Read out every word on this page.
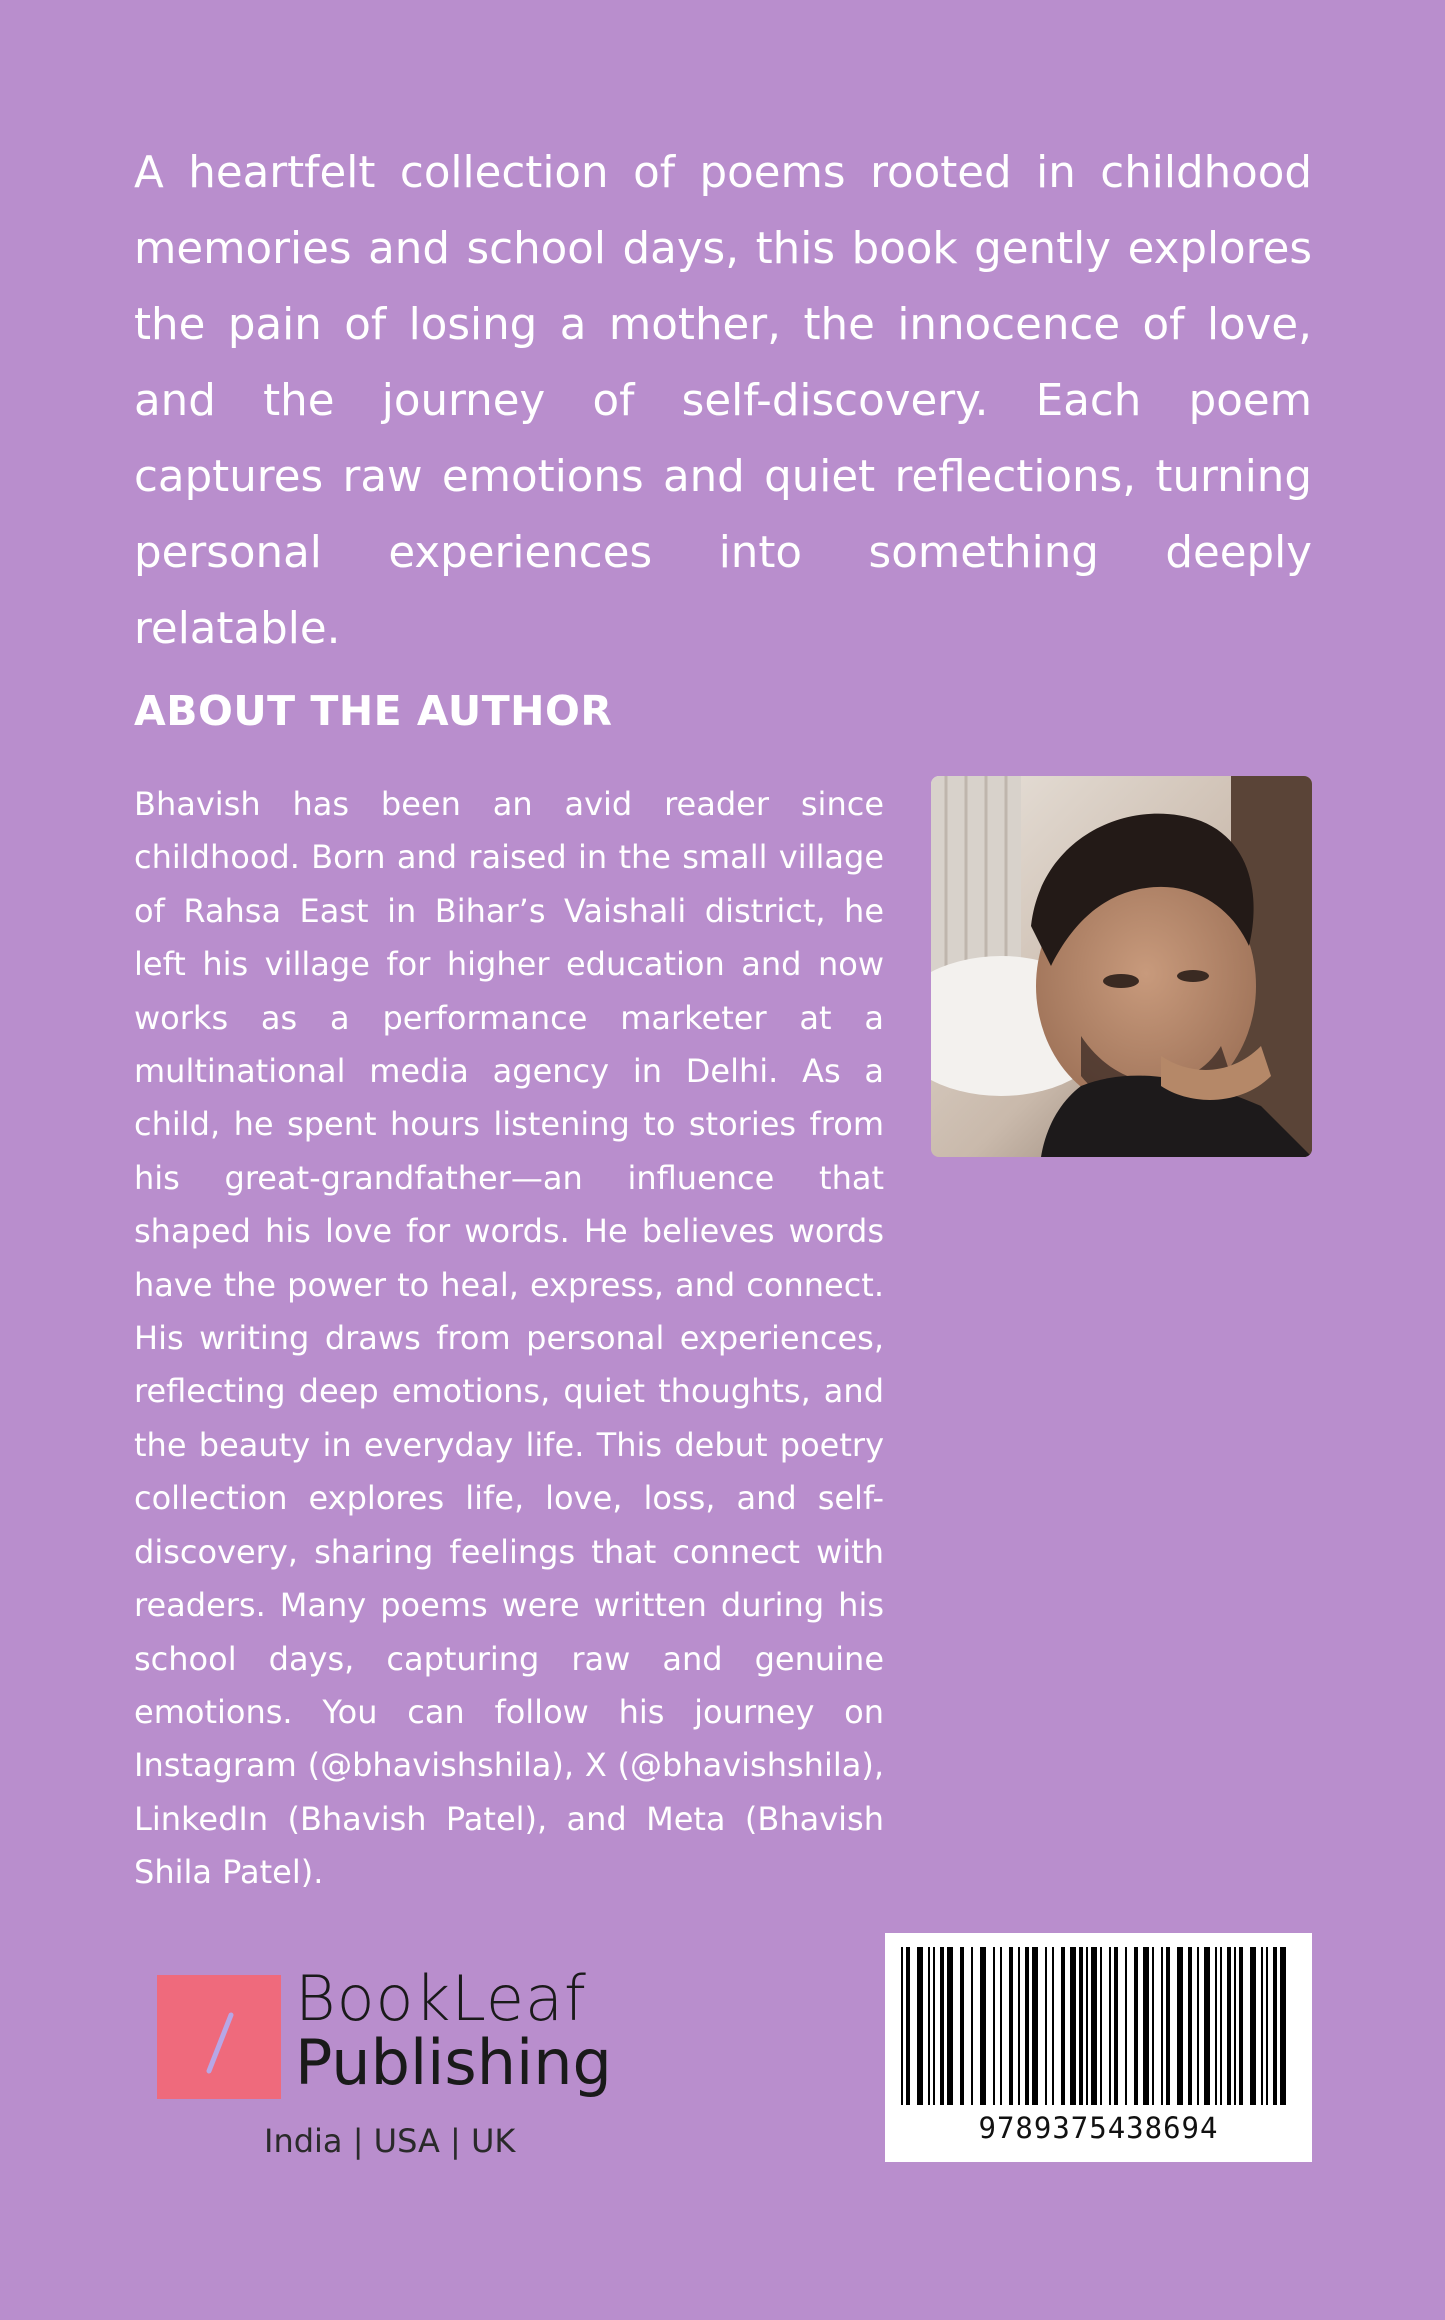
A heartfelt collection of poems rooted in childhood memories and school days, this book gently explores the pain of losing a mother, the innocence of love, and the journey of self-discovery. Each poem captures raw emotions and quiet reflections, turning personal experiences into something deeply relatable.

ABOUT THE AUTHOR

Bhavish has been an avid reader since childhood. Born and raised in the small village of Rahsa East in Bihar’s Vaishali district, he left his village for higher education and now works as a performance marketer at a multinational media agency in Delhi. As a child, he spent hours listening to stories from his great-grandfather—an influence that shaped his love for words. He believes words have the power to heal, express, and connect. His writing draws from personal experiences, reflecting deep emotions, quiet thoughts, and the beauty in everyday life. This debut poetry collection explores life, love, loss, and self-discovery, sharing feelings that connect with readers. Many poems were written during his school days, capturing raw and genuine emotions. You can follow his journey on Instagram (@bhavishshila), X (@bhavishshila), LinkedIn (Bhavish Patel), and Meta (Bhavish Shila Patel).

BookLeaf
Publishing
India | USA | UK	9789375438694
